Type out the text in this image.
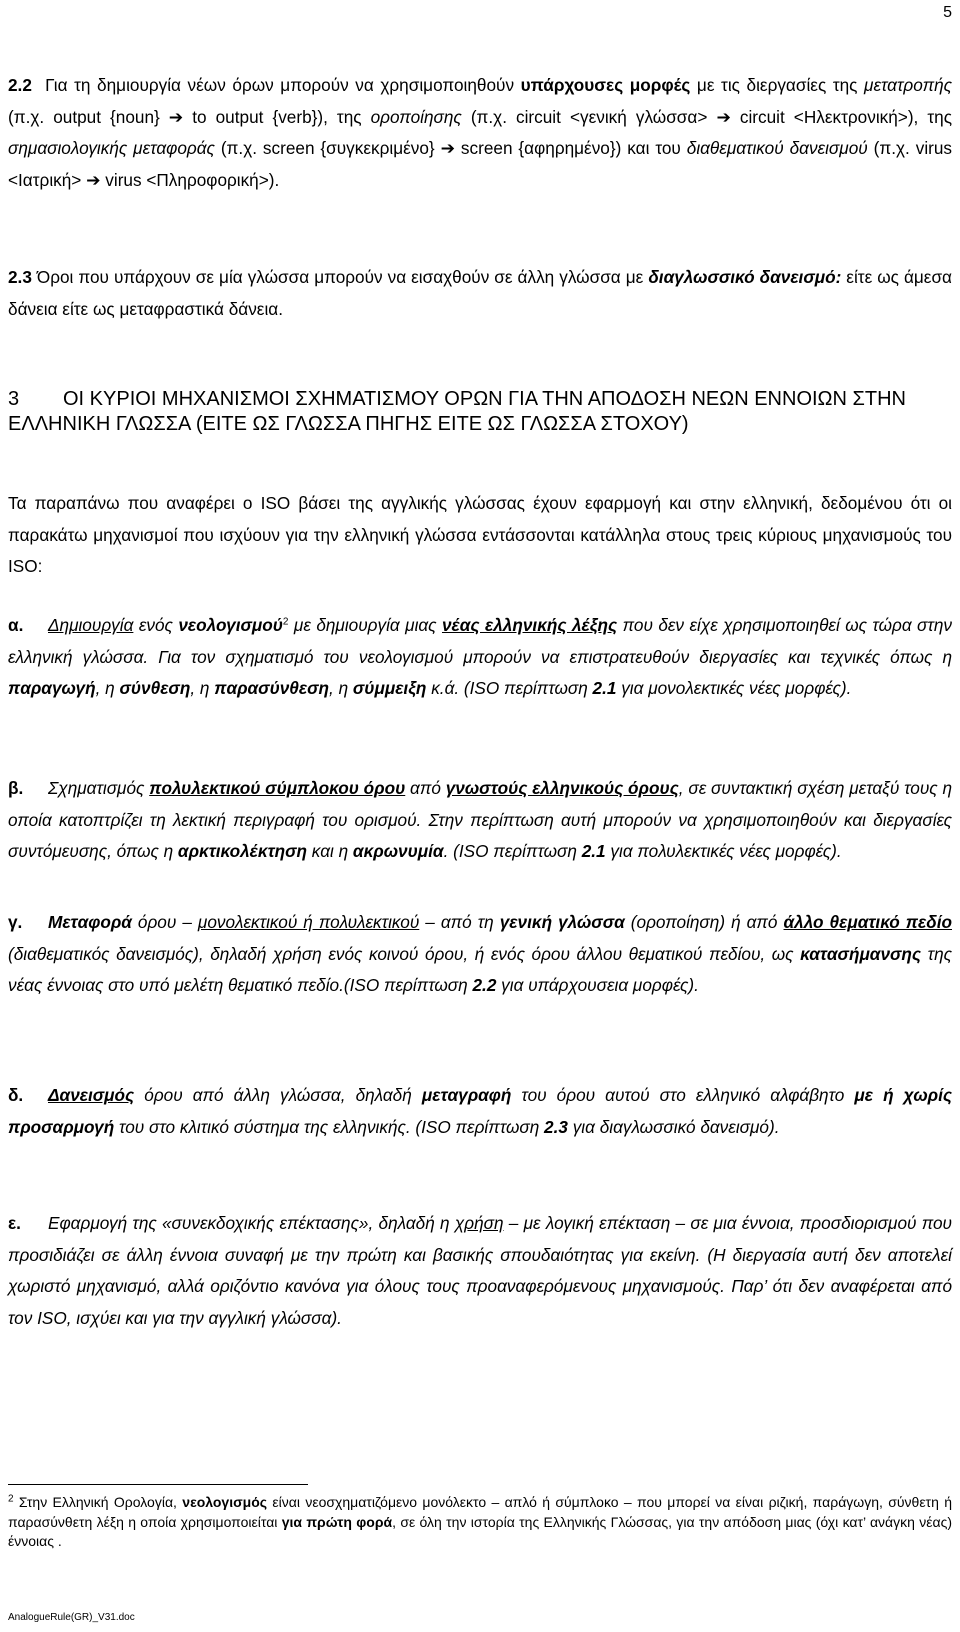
5
2.2 Για τη δημιουργία νέων όρων μπορούν να χρησιμοποιηθούν υπάρχουσες μορφές με τις διεργασίες της μετατροπής (π.χ. output {noun} ➔ to output {verb}), της οροποίησης (π.χ. circuit <γενική γλώσσα> ➔ circuit <Ηλεκτρονική>), της σημασιολογικής μεταφοράς (π.χ. screen {συγκεκριμένο} ➔ screen {αφηρημένο}) και του διαθεματικού δανεισμού (π.χ. virus <Ιατρική> ➔ virus <Πληροφορική>).
2.3 Όροι που υπάρχουν σε μία γλώσσα μπορούν να εισαχθούν σε άλλη γλώσσα με διαγλωσσικό δανεισμό: είτε ως άμεσα δάνεια είτε ως μεταφραστικά δάνεια.
3 ΟΙ ΚΥΡΙΟΙ ΜΗΧΑΝΙΣΜΟΙ ΣΧΗΜΑΤΙΣΜΟΥ ΟΡΩΝ ΓΙΑ ΤΗΝ ΑΠΟΔΟΣΗ ΝΕΩΝ ΕΝΝΟΙΩΝ ΣΤΗΝ ΕΛΛΗΝΙΚΗ ΓΛΩΣΣΑ (ΕΙΤΕ ΩΣ ΓΛΩΣΣΑ ΠΗΓΗΣ ΕΙΤΕ ΩΣ ΓΛΩΣΣΑ ΣΤΟΧΟΥ)
Τα παραπάνω που αναφέρει ο ISO βάσει της αγγλικής γλώσσας έχουν εφαρμογή και στην ελληνική, δεδομένου ότι οι παρακάτω μηχανισμοί που ισχύουν για την ελληνική γλώσσα εντάσσονται κατάλληλα στους τρεις κύριους μηχανισμούς του ISO:
α. Δημιουργία ενός νεολογισμού$^2$ με δημιουργία μιας νέας ελληνικής λέξης που δεν είχε χρησιμοποιηθεί ως τώρα στην ελληνική γλώσσα. Για τον σχηματισμό του νεολογισμού μπορούν να επιστρατευθούν διεργασίες και τεχνικές όπως η παραγωγή, η σύνθεση, η παρασύνθεση, η σύμμειξη κ.ά. (ISO περίπτωση 2.1 για μονολεκτικές νέες μορφές).
β. Σχηματισμός πολυλεκτικού σύμπλοκου όρου από γνωστούς ελληνικούς όρους, σε συντακτική σχέση μεταξύ τους η οποία κατοπτρίζει τη λεκτική περιγραφή του ορισμού. Στην περίπτωση αυτή μπορούν να χρησιμοποιηθούν και διεργασίες συντόμευσης, όπως η αρκτικολέκτηση και η ακρωνυμία. (ISO περίπτωση 2.1 για πολυλεκτικές νέες μορφές).
γ. Μεταφορά όρου – μονολεκτικού ή πολυλεκτικού – από τη γενική γλώσσα (οροποίηση) ή από άλλο θεματικό πεδίο (διαθεματικός δανεισμός), δηλαδή χρήση ενός κοινού όρου, ή ενός όρου άλλου θεματικού πεδίου, ως κατασήμανσης της νέας έννοιας στο υπό μελέτη θεματικό πεδίο.(ISO περίπτωση 2.2 για υπάρχουσεια μορφές).
δ. Δανεισμός όρου από άλλη γλώσσα, δηλαδή μεταγραφή του όρου αυτού στο ελληνικό αλφάβητο με ή χωρίς προσαρμογή του στο κλιτικό σύστημα της ελληνικής. (ISO περίπτωση 2.3 για διαγλωσσικό δανεισμό).
ε. Εφαρμογή της «συνεκδοχικής επέκτασης», δηλαδή η χρήση – με λογική επέκταση – σε μια έννοια, προσδιορισμού που προσιδιάζει σε άλλη έννοια συναφή με την πρώτη και βασικής σπουδαιότητας για εκείνη. (Η διεργασία αυτή δεν αποτελεί χωριστό μηχανισμό, αλλά οριζόντιο κανόνα για όλους τους προαναφερόμενους μηχανισμούς. Παρ’ ότι δεν αναφέρεται από τον ISO, ισχύει και για την αγγλική γλώσσα).
$^2$ Στην Ελληνική Ορολογία, νεολογισμός είναι νεοσχηματιζόμενο μονόλεκτο – απλό ή σύμπλοκο – που μπορεί να είναι ριζική, παράγωγη, σύνθετη ή παρασύνθετη λέξη η οποία χρησιμοποιείται για πρώτη φορά, σε όλη την ιστορία της Ελληνικής Γλώσσας, για την απόδοση μιας (όχι κατ’ ανάγκη νέας) έννοιας .
AnalogueRule(GR)_V31.doc
